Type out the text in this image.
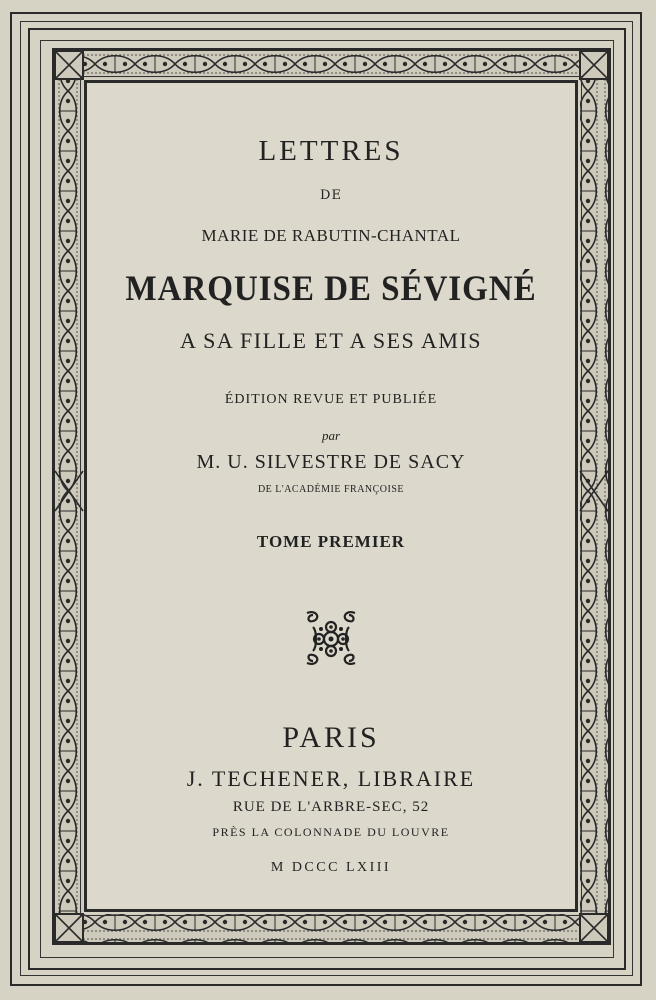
LETTRES
DE
MARIE DE RABUTIN-CHANTAL
MARQUISE DE SÉVIGNÉ
A SA FILLE ET A SES AMIS
ÉDITION REVUE ET PUBLIÉE
par
M. U. SILVESTRE DE SACY
DE L'ACADÉMIE FRANÇOISE
TOME PREMIER
PARIS
J. TECHENER, LIBRAIRE
RUE DE L'ARBRE-SEC, 52
PRÈS LA COLONNADE DU LOUVRE
M DCCC LXIII
